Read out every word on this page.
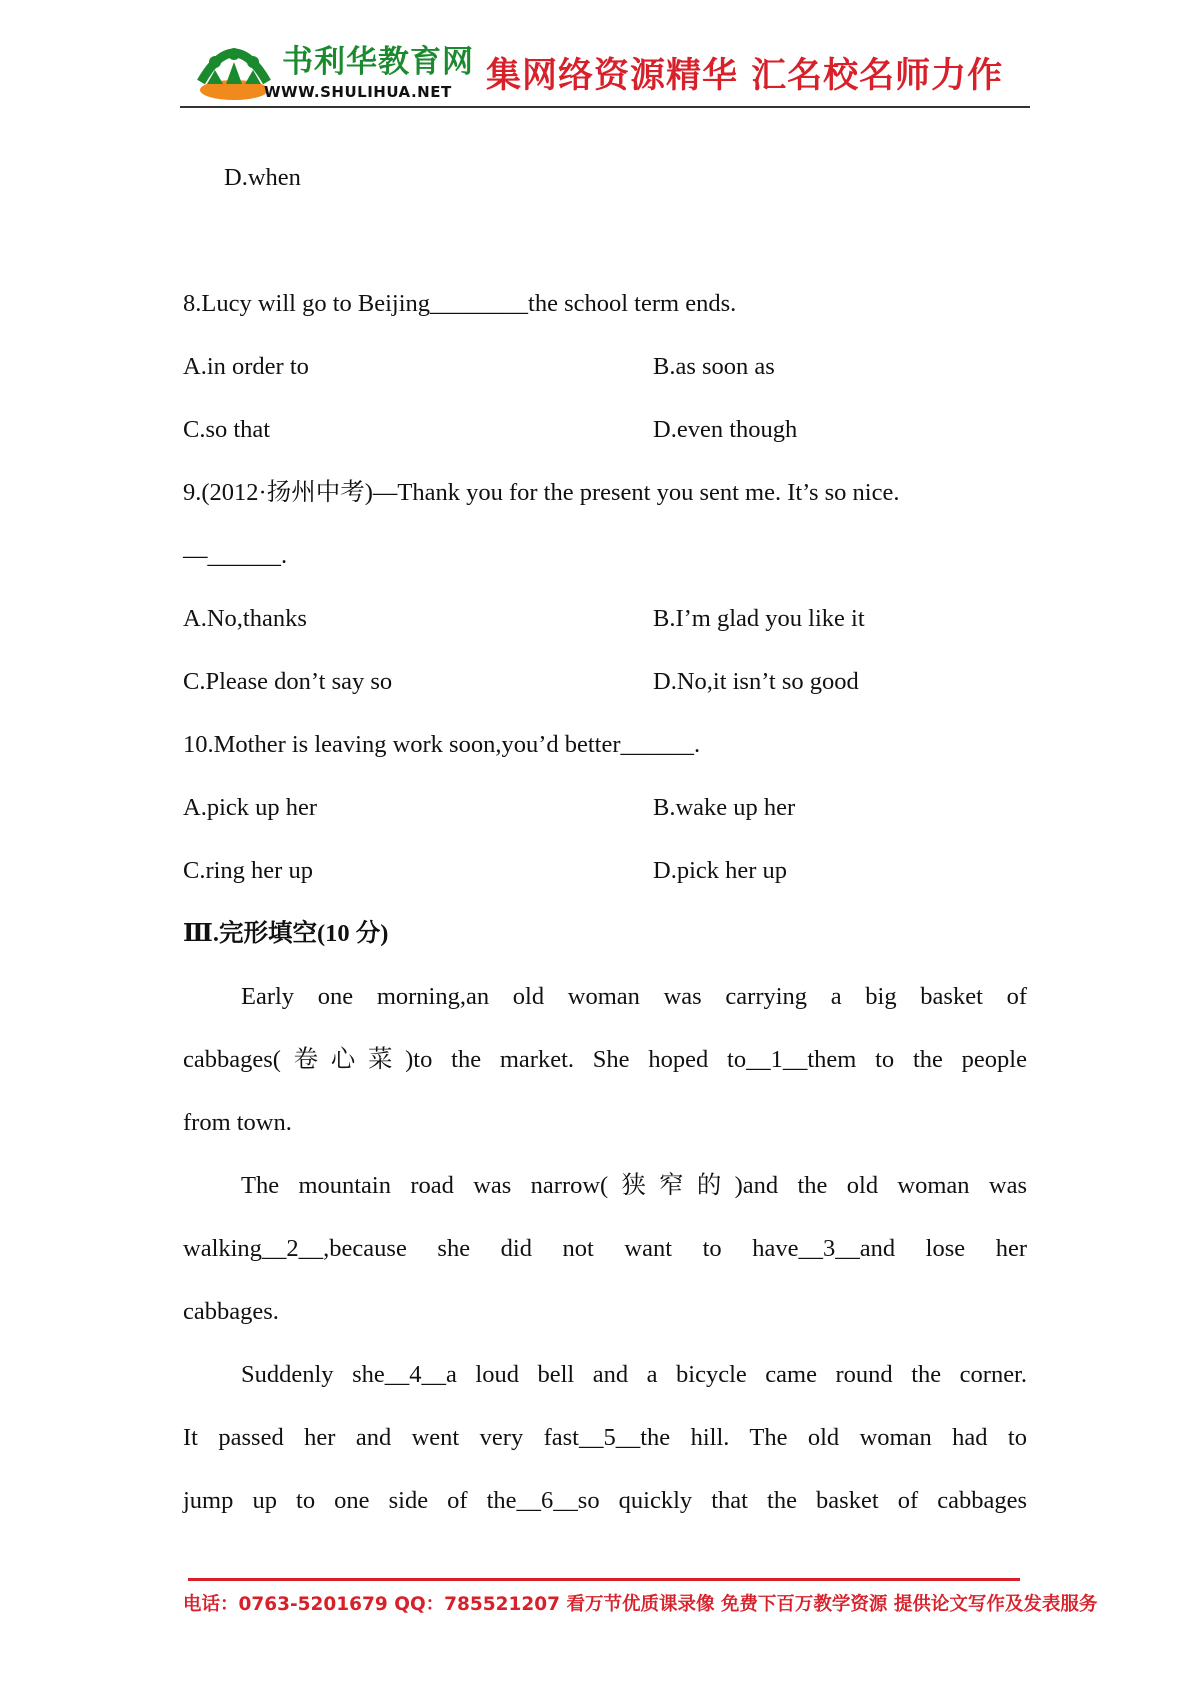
书利华教育网
WWW.SHULIHUA.NET 集网络资源精华 汇名校名师力作
D.when
8.Lucy will go to Beijing________the school term ends.
A.in order to	B.as soon as
C.so that	D.even though
9.(2012·扬州中考)—Thank you for the present you sent me. It’s so nice.
—______.
A.No,thanks	B.I’m glad you like it
C.Please don’t say so	D.No,it isn’t so good
10.Mother is leaving work soon,you’d better______.
A.pick up her	B.wake up her
C.ring her up	D.pick her up
Ⅲ.完形填空(10 分)
Early one morning,an old woman was carrying a big basket of
cabbages(卷心菜)to the market. She hoped to__1__them to the people
from town.
The mountain road was narrow(狭窄的)and the old woman was
walking__2__,because she did not want to have__3__and lose her
cabbages.
Suddenly she__4__a loud bell and a bicycle came round the corner.
It passed her and went very fast__5__the hill. The old woman had to
jump up to one side of the__6__so quickly that the basket of cabbages
电话：0763-5201679 QQ：785521207 看万节优质课录像 免费下百万教学资源 提供论文写作及发表服务
